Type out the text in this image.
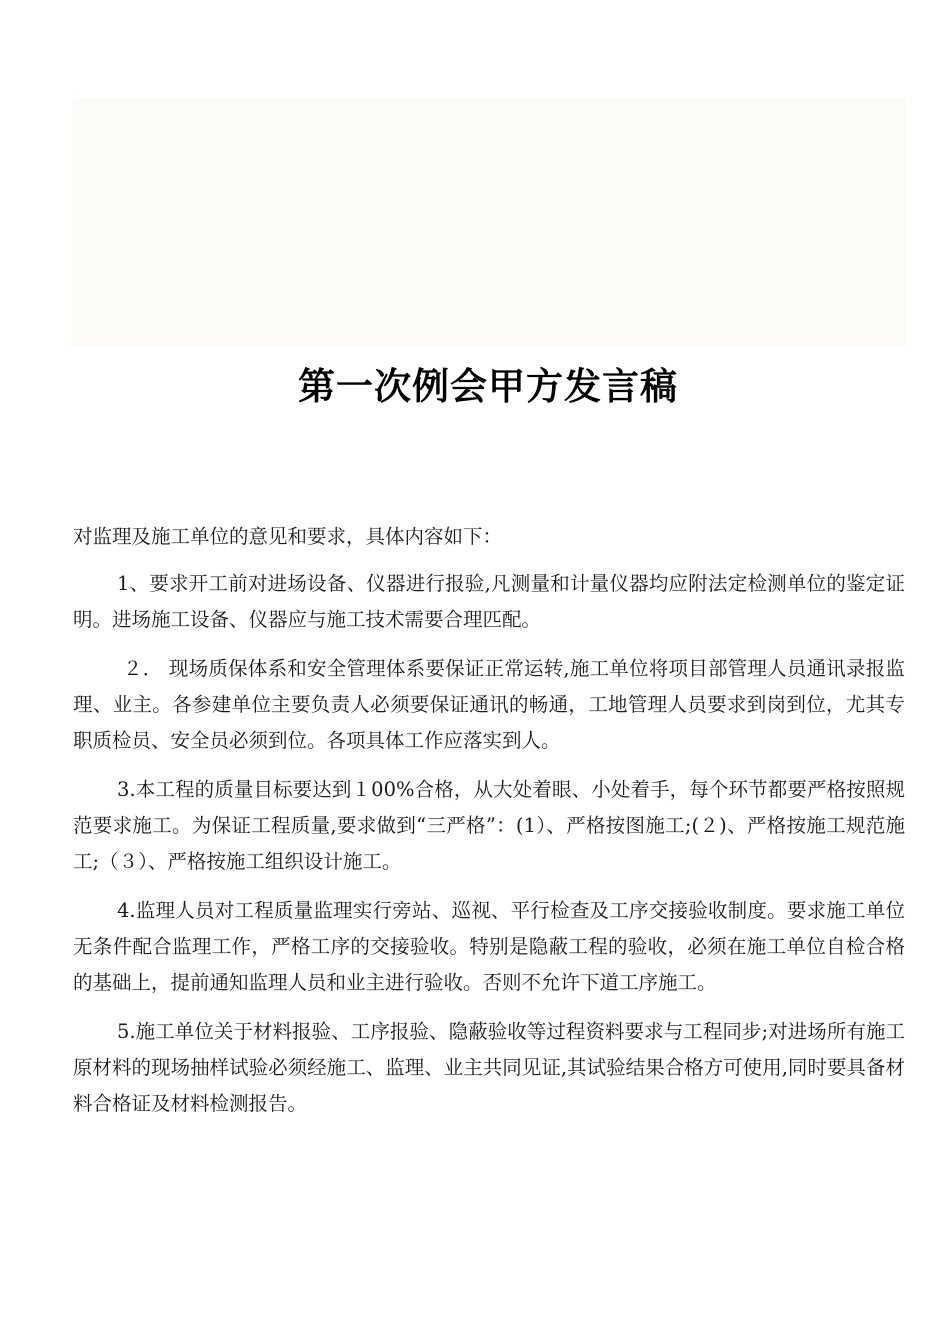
第一次例会甲方发言稿

对监理及施工单位的意见和要求，具体内容如下：

1、要求开工前对进场设备、仪器进行报验,凡测量和计量仪器均应附法定检测单位的鉴定证明。进场施工设备、仪器应与施工技术需要合理匹配。

２． 现场质保体系和安全管理体系要保证正常运转,施工单位将项目部管理人员通讯录报监理、业主。各参建单位主要负责人必须要保证通讯的畅通，工地管理人员要求到岗到位，尤其专职质检员、安全员必须到位。各项具体工作应落实到人。

3.本工程的质量目标要达到１00%合格，从大处着眼、小处着手，每个环节都要严格按照规范要求施工。为保证工程质量,要求做到“三严格”：(1）、严格按图施工;(２)、严格按施工规范施工;（３）、严格按施工组织设计施工。

4.监理人员对工程质量监理实行旁站、巡视、平行检查及工序交接验收制度。要求施工单位无条件配合监理工作，严格工序的交接验收。特别是隐蔽工程的验收，必须在施工单位自检合格的基础上，提前通知监理人员和业主进行验收。否则不允许下道工序施工。

5.施工单位关于材料报验、工序报验、隐蔽验收等过程资料要求与工程同步;对进场所有施工原材料的现场抽样试验必须经施工、监理、业主共同见证,其试验结果合格方可使用,同时要具备材料合格证及材料检测报告。
